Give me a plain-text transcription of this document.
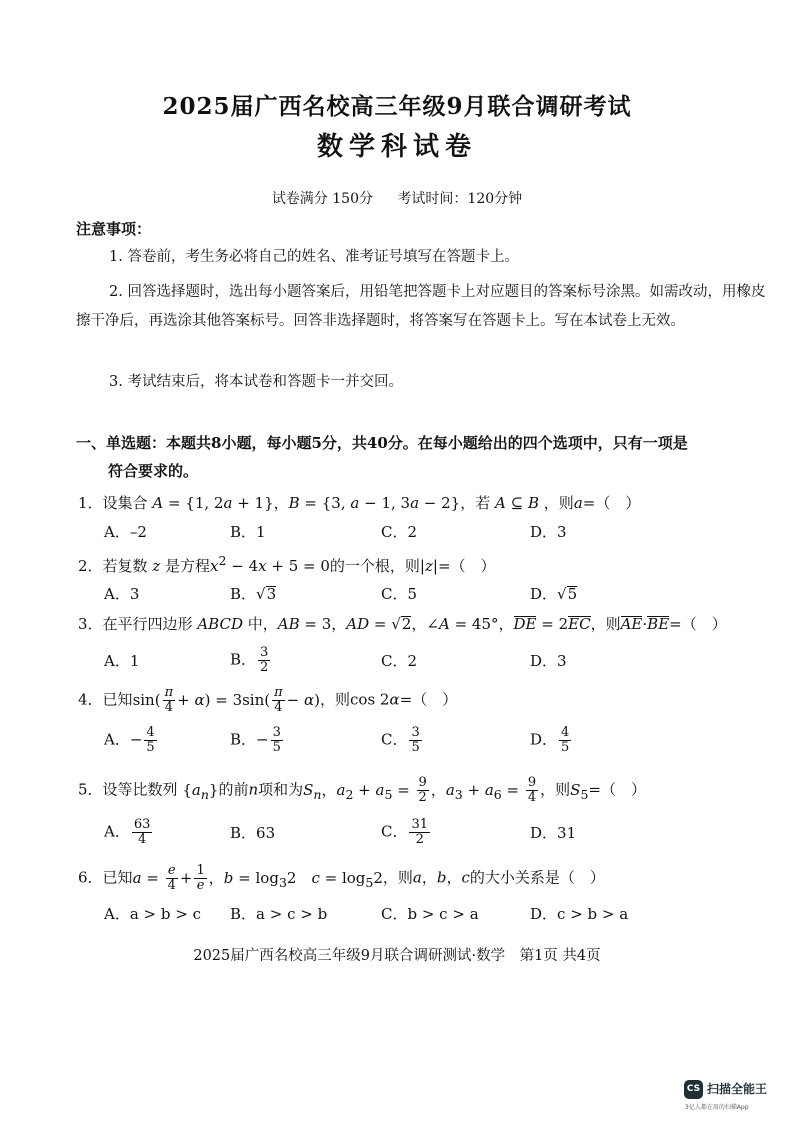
2025届广西名校高三年级9月联合调研考试
数学科试卷
试卷满分 150分 考试时间：120分钟
注意事项：
1. 答卷前，考生务必将自己的姓名、准考证号填写在答题卡上。
2. 回答选择题时，选出每小题答案后，用铅笔把答题卡上对应题目的答案标号涂黑。如需改动，用橡皮擦干净后，再选涂其他答案标号。回答非选择题时，将答案写在答题卡上。写在本试卷上无效。
3. 考试结束后，将本试卷和答题卡一并交回。
一、单选题：本题共8小题，每小题5分，共40分。在每小题给出的四个选项中，只有一项是
符合要求的。
1．设集合 A = {1, 2a + 1}，B = {3, a − 1, 3a − 2}，若 A ⊆ B ，则a=（　）
A．–2	B．1	C．2	D．3
2．若复数 z 是方程$x^2 - 4x + 5 = 0$的一个根，则|z|=（　）
A．3	B．√3	C．5	D．√5
3．在平行四边形 ABCD 中，AB = 3，AD = √2，∠A = 45°，DE = 2EC，则AE·BE=（　）
A．1	B． $\frac{3}{2}$	C．2	D．3
4．已知$\sin( \frac{\pi}{4} + \alpha) = 3\sin( \frac{\pi}{4} - \alpha)$，则cos 2α=（　）
A．− $\frac{4}{5}$	B．− $\frac{3}{5}$	C． $\frac{3}{5}$	D． $\frac{4}{5}$
5．设等比数列 $\{a_n\}$的前n项和为$S_n$，$a_2 + a_5 = \frac{9}{2}$ ，$a_3 + a_6 = \frac{9}{4}$ ，则$S_5=$（　）
A． $\frac{63}{4}$	B．63	C． $\frac{31}{2}$	D．31
6．已知$a = \frac{e}{4} + \frac{1}{e}$ ，$b = \log_32$　$c = \log_52$，则a，b，c的大小关系是（　）
A．a > b > c B．a > c > b	C．b > c > a	D．c > b > a
2025届广西名校高三年级9月联合调研测试·数学　第1页 共4页
CS 扫描全能王
3亿人都在用的扫描App
